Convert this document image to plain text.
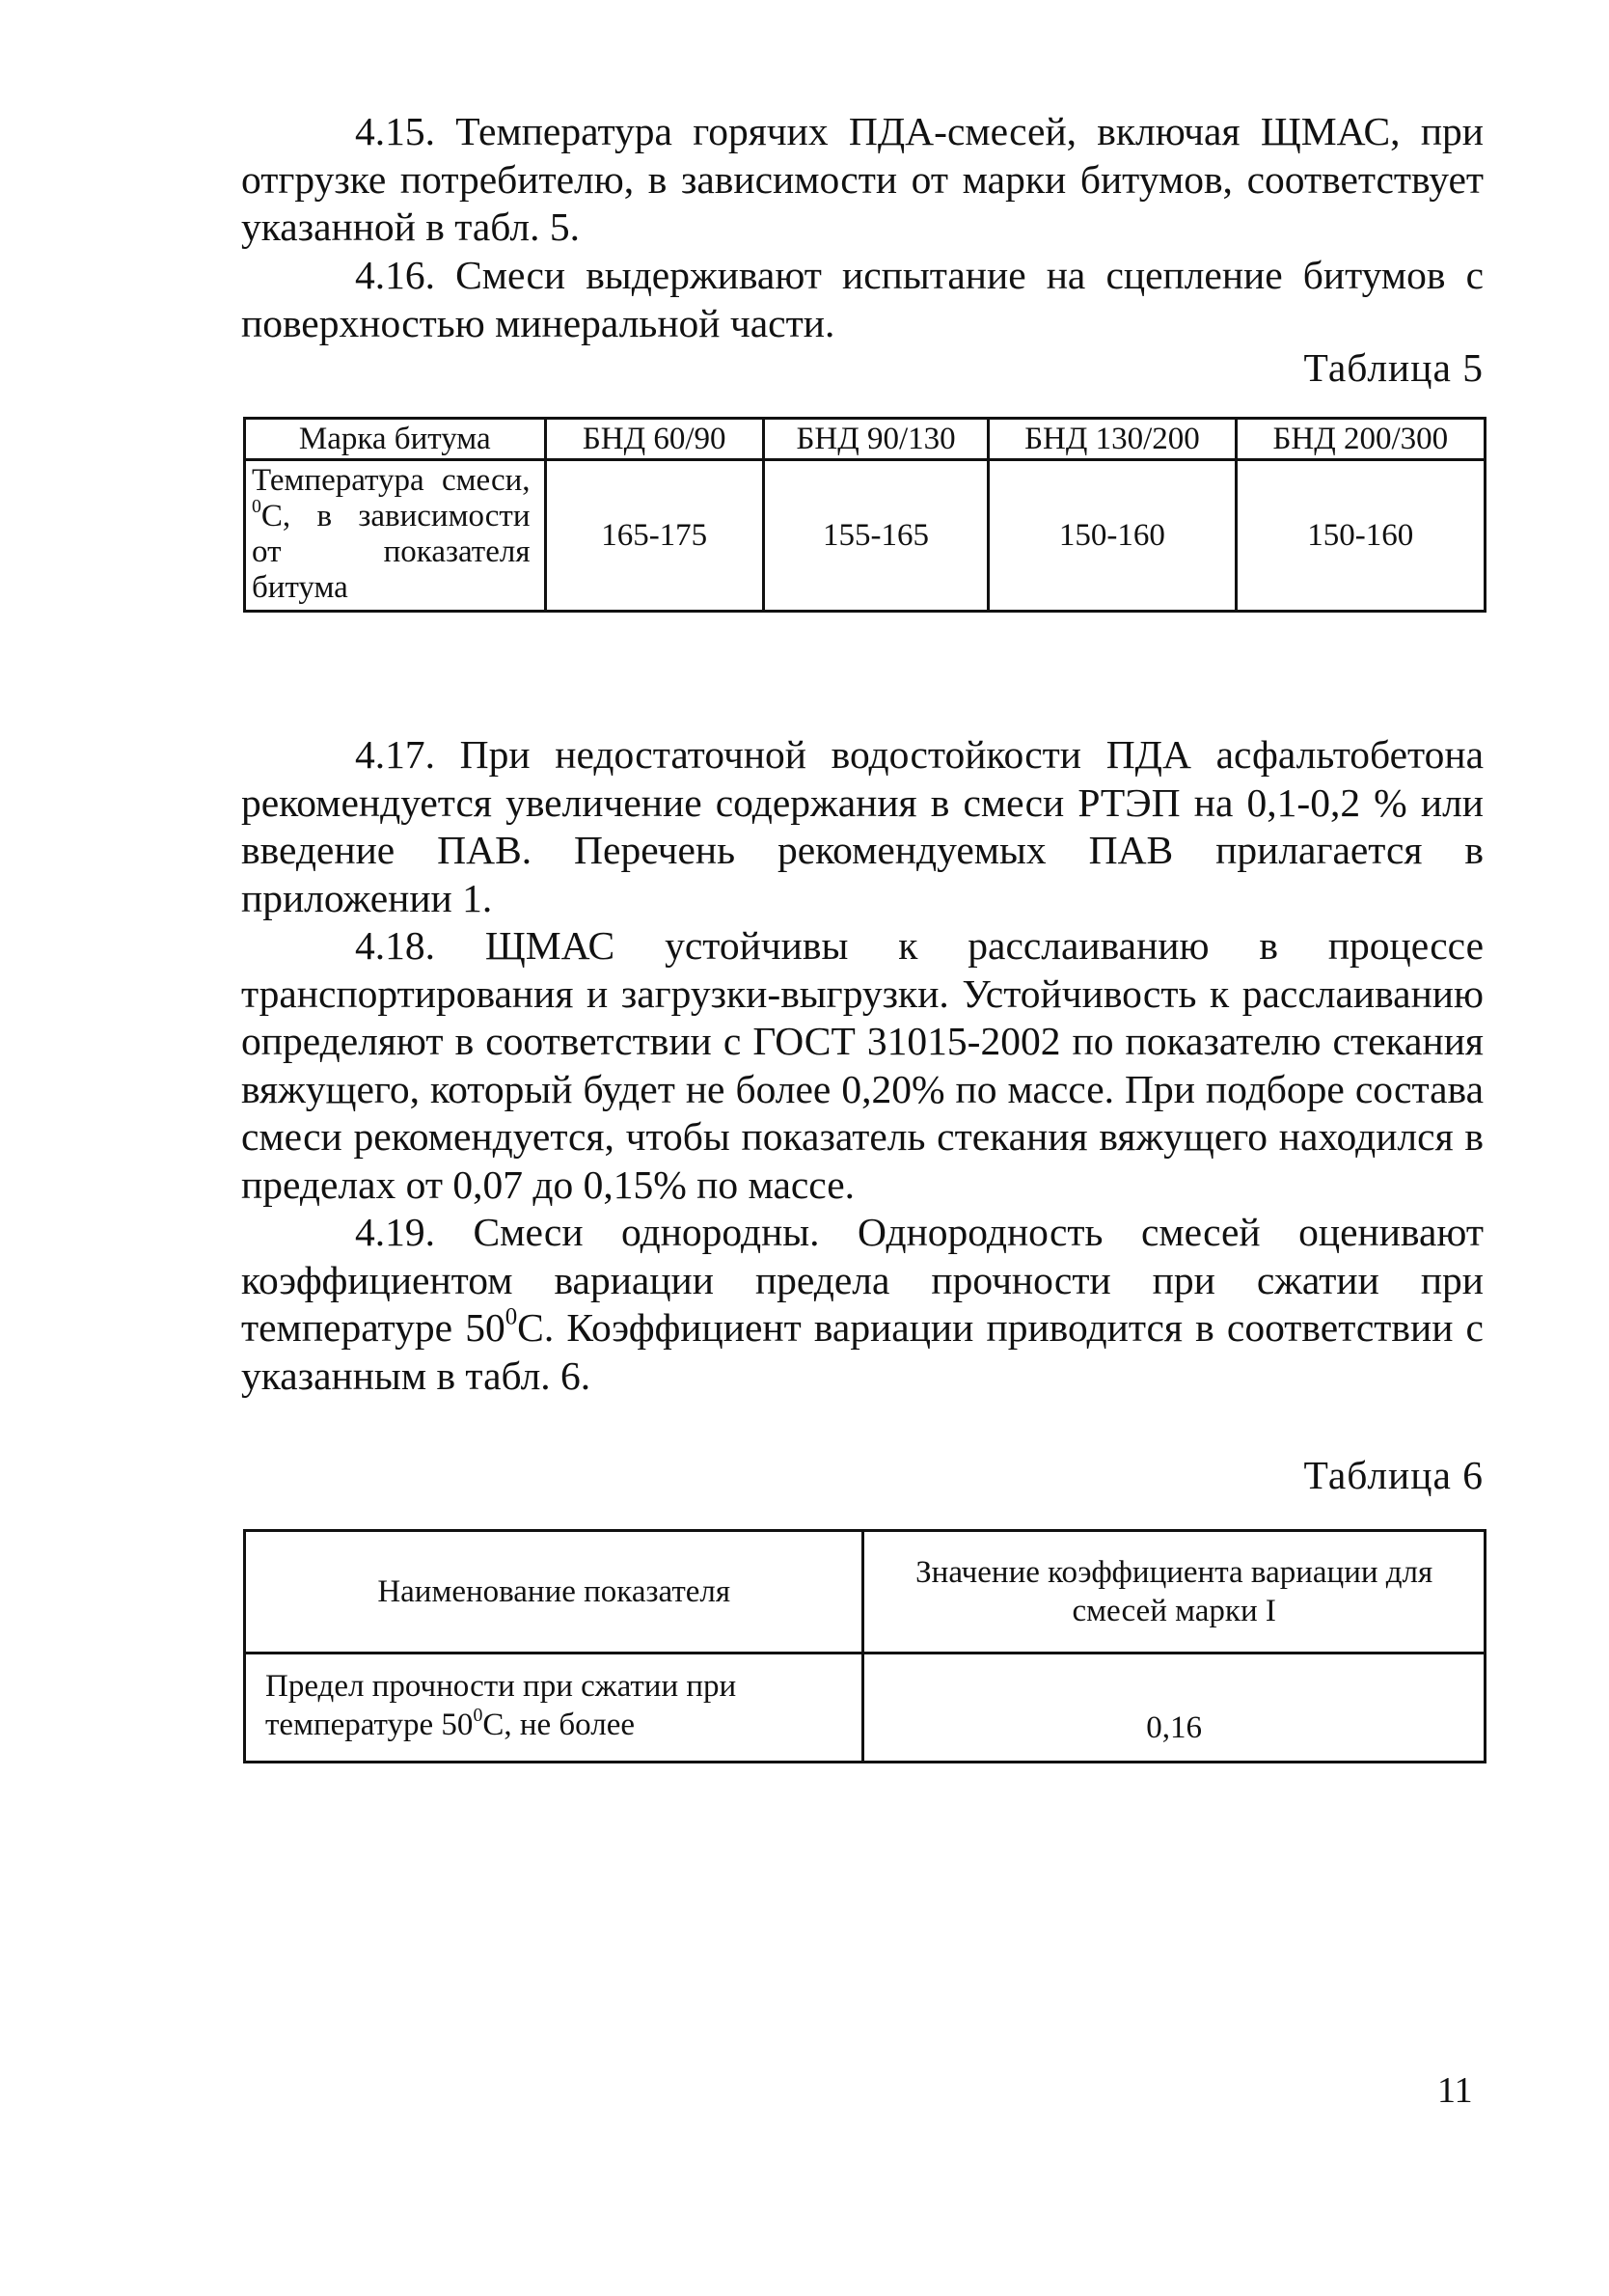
4.15. Температура горячих ПДА-смесей, включая ЩМАС, при отгрузке потребителю, в зависимости от марки битумов, соответствует указанной в табл. 5.

4.16. Смеси выдерживают испытание на сцепление битумов с поверхностью минеральной части.

Таблица 5

Марка битума	БНД 60/90	БНД 90/130	БНД 130/200	БНД 200/300
Температура смеси, $^0$С, в зависимости от показателя битума	165-175	155-165	150-160	150-160

4.17. При недостаточной водостойкости ПДА асфальтобетона рекомендуется увеличение содержания в смеси РТЭП на 0,1-0,2 % или введение ПАВ. Перечень рекомендуемых ПАВ прилагается в приложении 1.

4.18. ЩМАС устойчивы к расслаиванию в процессе транспортирования и загрузки-выгрузки. Устойчивость к расслаиванию определяют в соответствии с ГОСТ 31015-2002 по показателю стекания вяжущего, который будет не более 0,20% по массе. При подборе состава смеси рекомендуется, чтобы показатель стекания вяжущего находился в пределах от 0,07 до 0,15% по массе.

4.19. Смеси однородны. Однородность смесей оценивают коэффициентом вариации предела прочности при сжатии при температуре $50^0С$. Коэффициент вариации приводится в соответствии с указанным в табл. 6.

Таблица 6

Наименование показателя	Значение коэффициента вариации для смесей марки I
Предел прочности при сжатии при температуре $50^0С$, не более	0,16

11
